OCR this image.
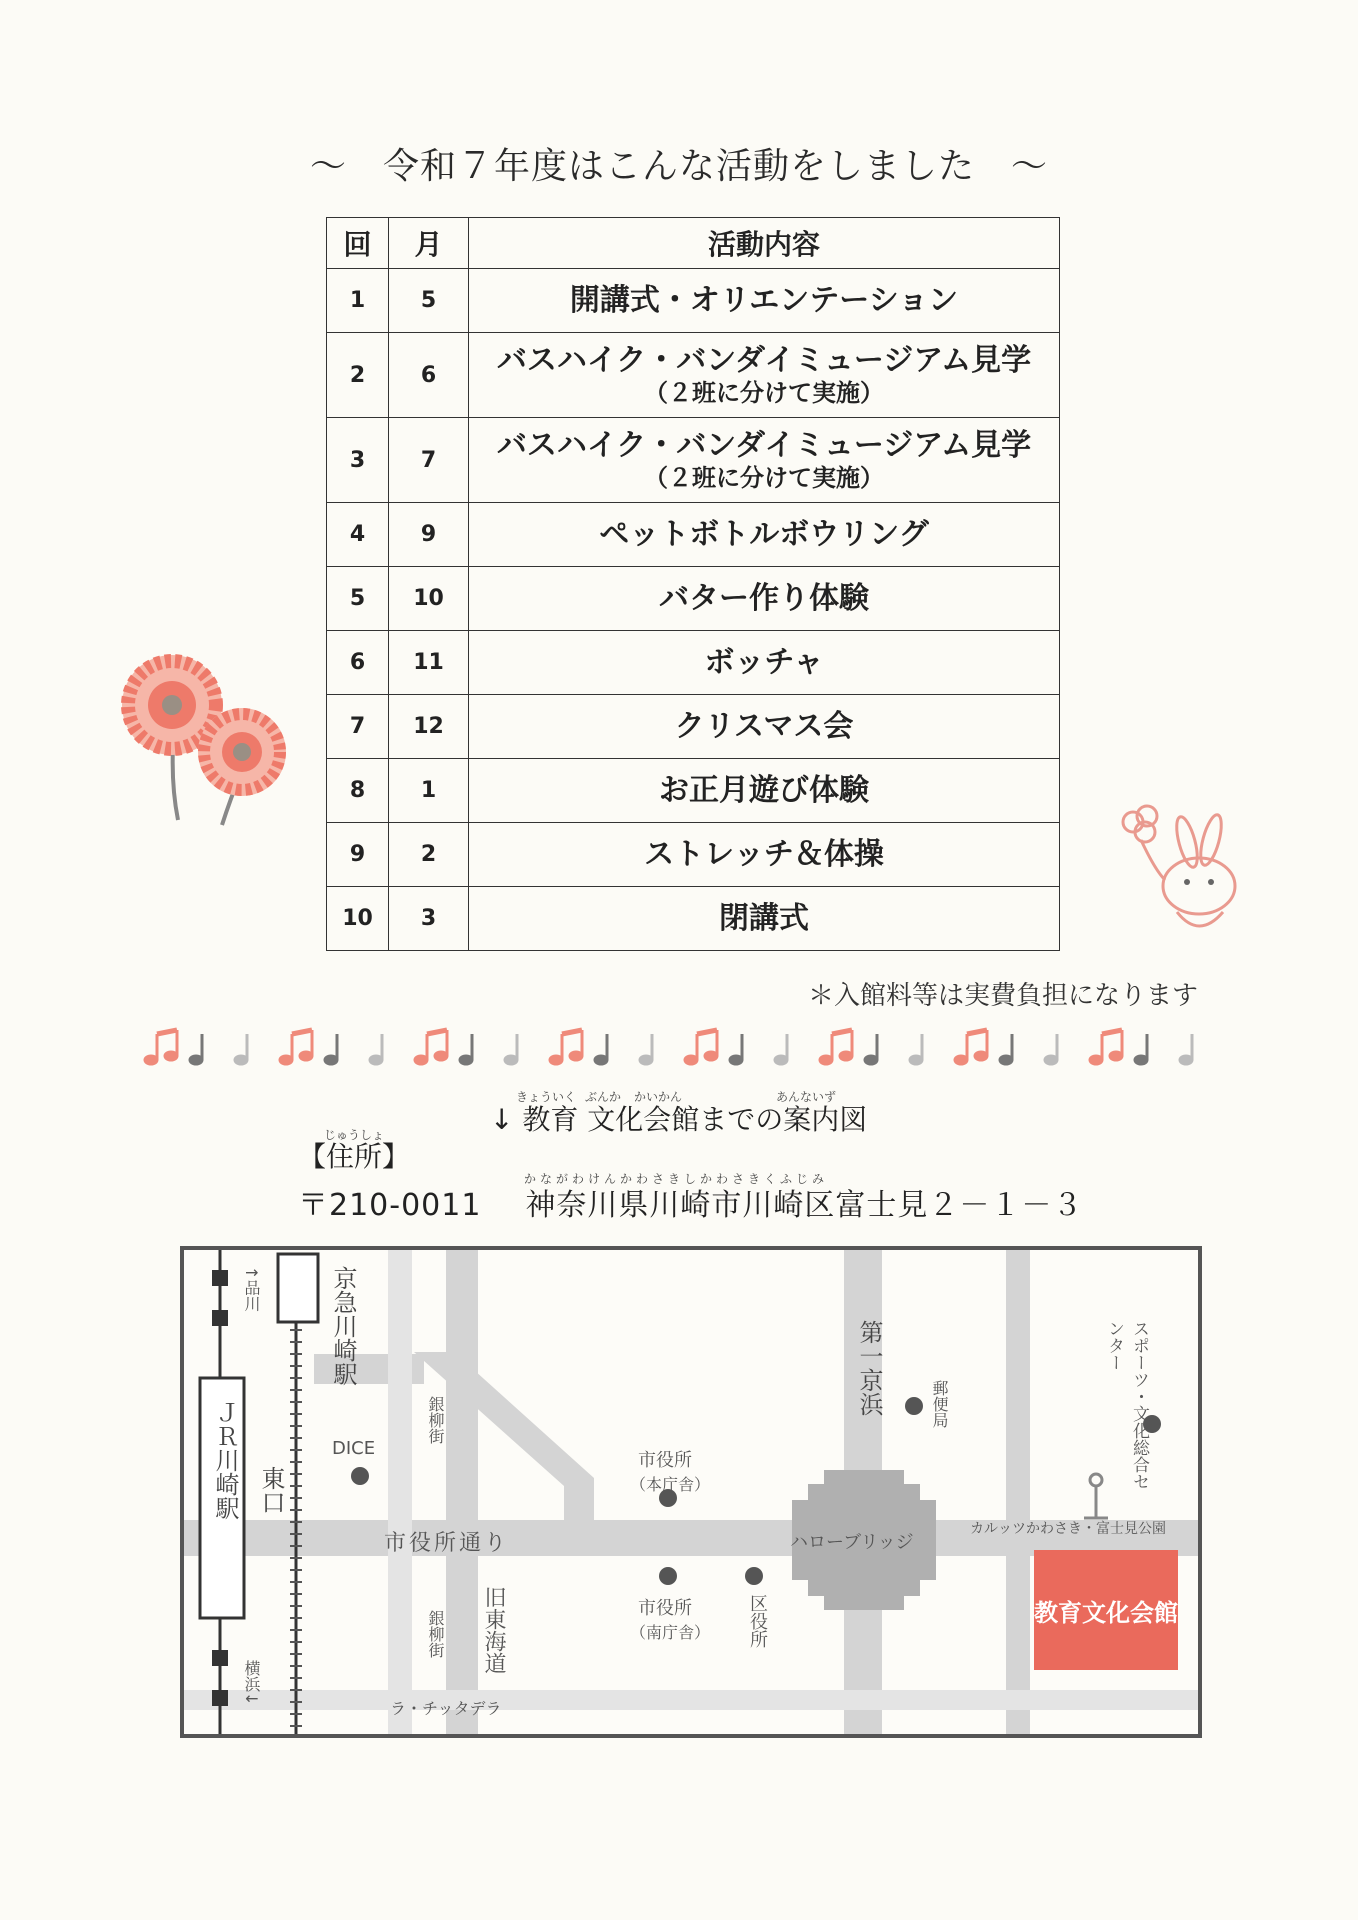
～ 令和７年度はこんな活動をしました ～
回	月	活動内容
1	5	開講式・オリエンテーション
2	6	バスハイク・バンダイミュージアム見学
（２班に分けて実施）

3	7	バスハイク・バンダイミュージアム見学
（２班に分けて実施）

4	9	ペットボトルボウリング
5	10	バター作り体験
6	11	ボッチャ
7	12	クリスマス会
8	1	お正月遊び体験
9	2	ストレッチ＆体操
10	3	閉講式
＊入館料等は実費負担になります
↓ 教育 文化会館までの案内図
きょういく ぶんか かいかん	あんないず
じゅうしょ
【住所】
かながわけんかわさきしかわさきくふじみ
〒210-0011 神奈川県川崎市川崎区富士見２－１－３
ＪＲ川崎駅
京急川崎駅
↑品川
横浜↓
東口
DICE
銀柳街
銀柳街
市役所通り
旧東海道
市役所
（本庁舎）
市役所
（南庁舎） 区役所
第一京浜	郵便局
ハローブリッジ
スポーツ・文化総合センター
カルッツかわさき・富士見公園
ラ・チッタデラ
教育文化会館
